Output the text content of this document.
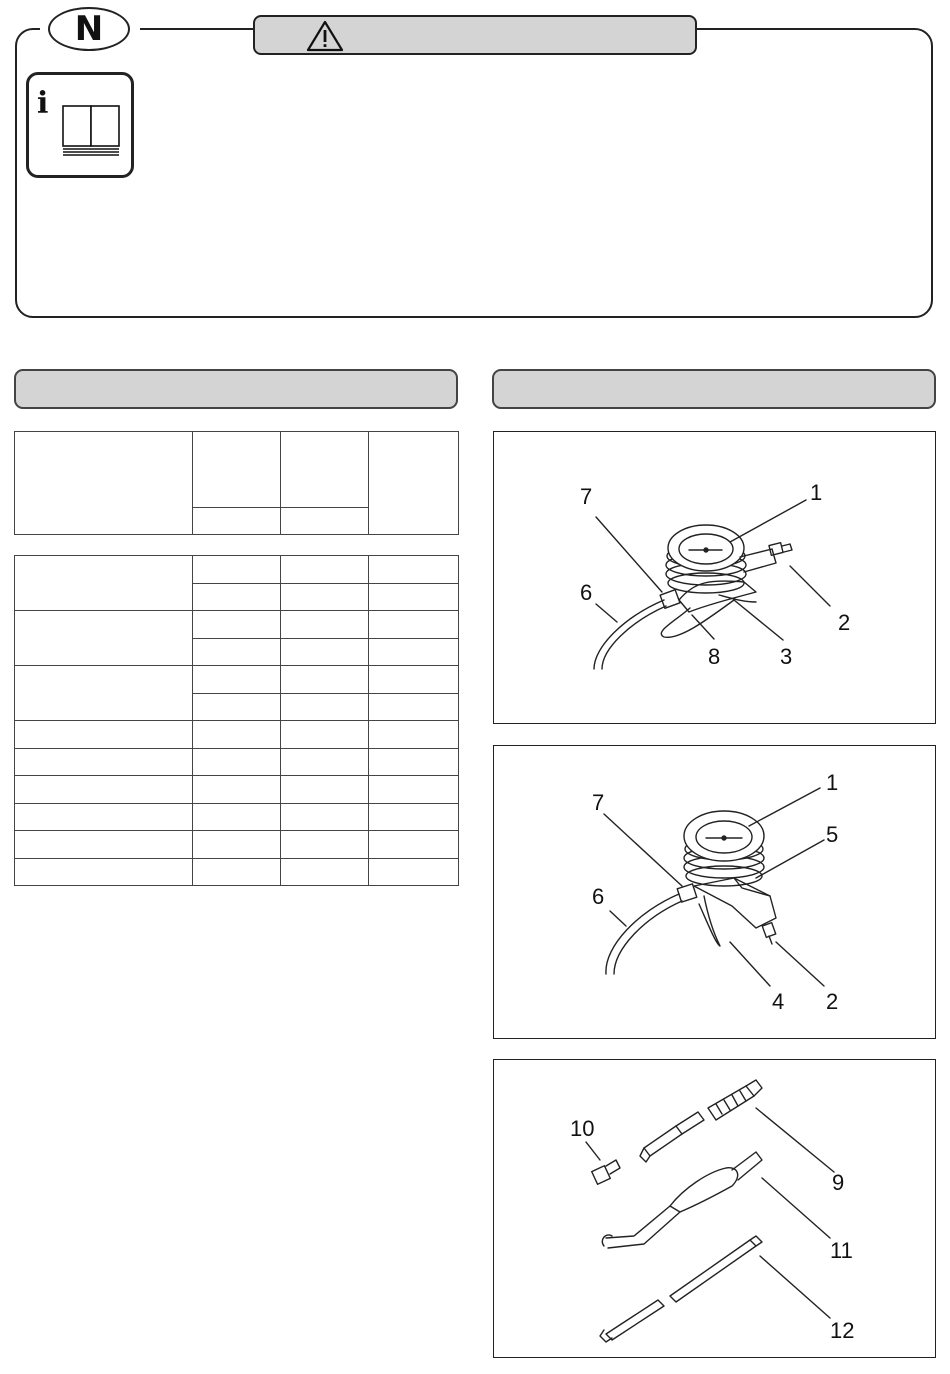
N
i

1
2
3
6
7
8
1
2
4
5
6
7
9
10
11
12
